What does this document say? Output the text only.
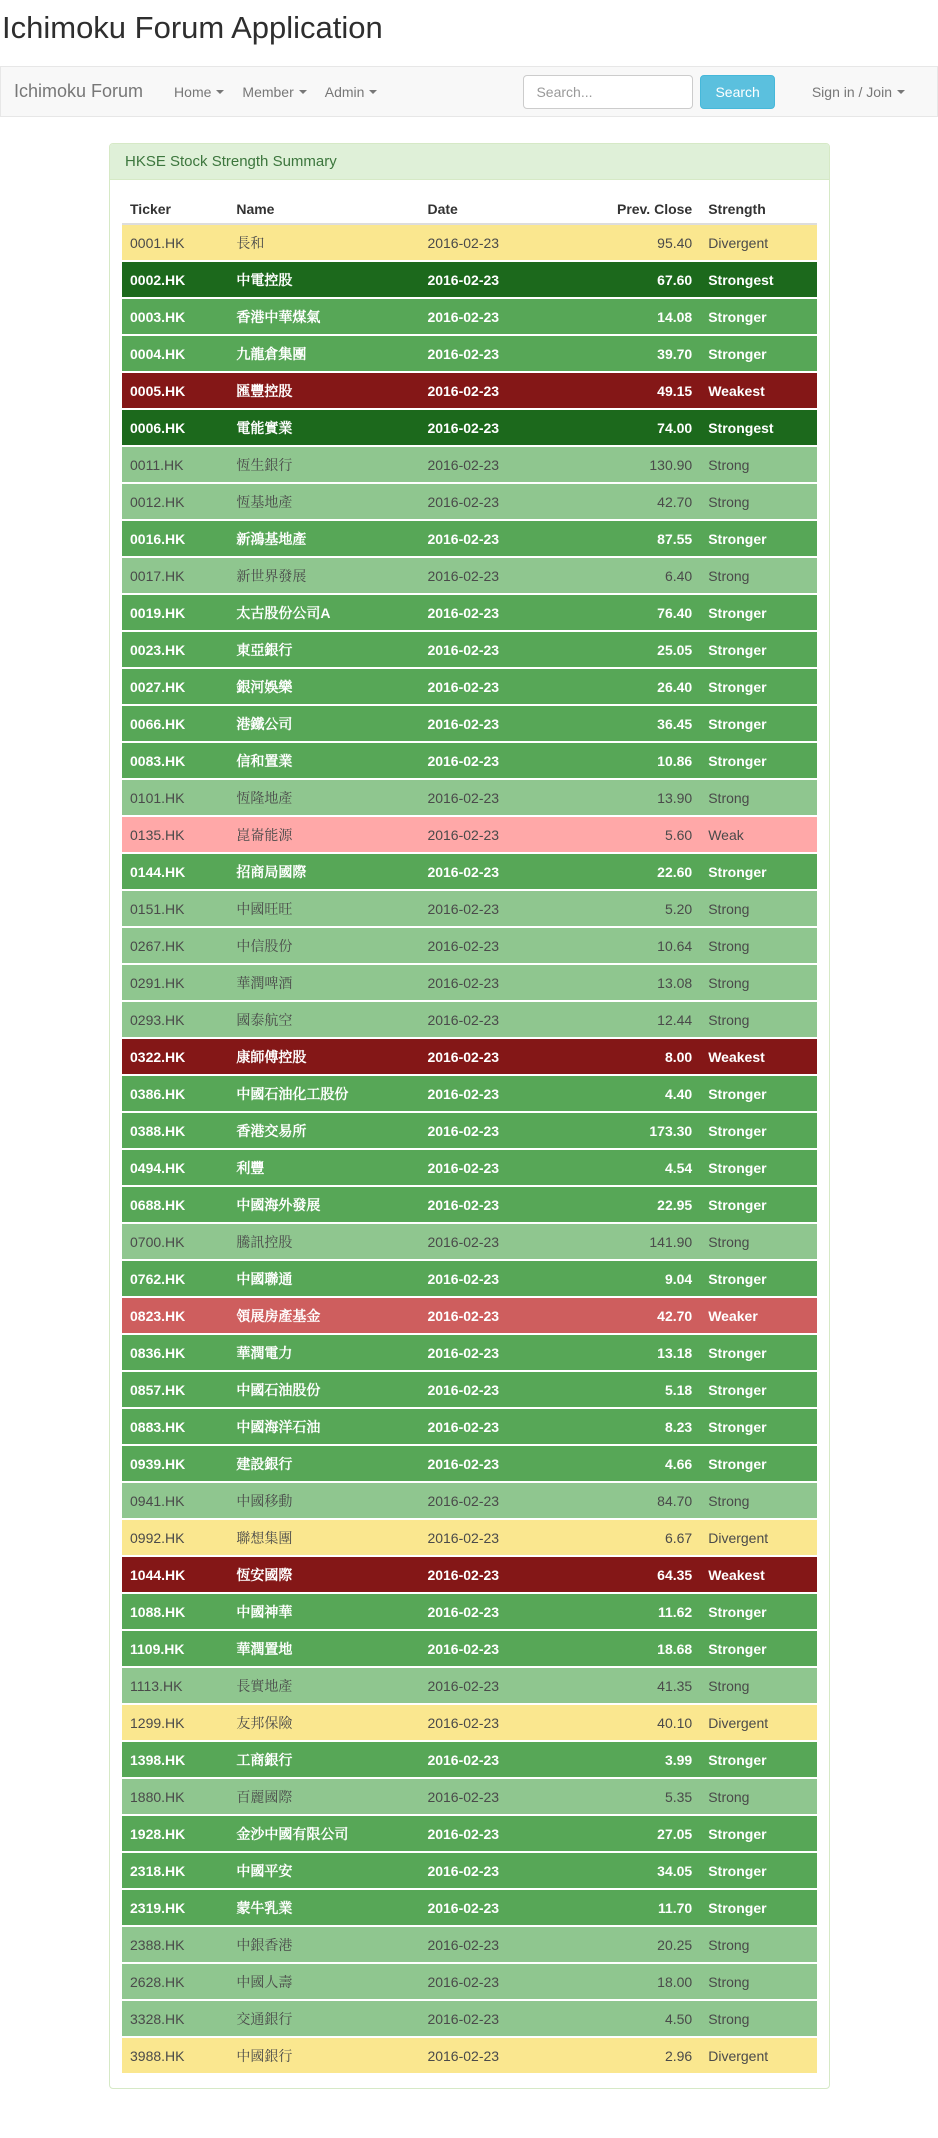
Ichimoku Forum Application
Ichimoku Forum Home Member Admin
Search...	Search	Sign in / Join
HKSE Stock Strength Summary
Ticker	Name	Date	Prev. Close	Strength
0001.HK	長和	2016-02-23	95.40	Divergent
0002.HK	中電控股	2016-02-23	67.60	Strongest
0003.HK	香港中華煤氣	2016-02-23	14.08	Stronger
0004.HK	九龍倉集團	2016-02-23	39.70	Stronger
0005.HK	匯豐控股	2016-02-23	49.15	Weakest
0006.HK	電能實業	2016-02-23	74.00	Strongest
0011.HK	恆生銀行	2016-02-23	130.90	Strong
0012.HK	恆基地產	2016-02-23	42.70	Strong
0016.HK	新鴻基地產	2016-02-23	87.55	Stronger
0017.HK	新世界發展	2016-02-23	6.40	Strong
0019.HK	太古股份公司A	2016-02-23	76.40	Stronger
0023.HK	東亞銀行	2016-02-23	25.05	Stronger
0027.HK	銀河娛樂	2016-02-23	26.40	Stronger
0066.HK	港鐵公司	2016-02-23	36.45	Stronger
0083.HK	信和置業	2016-02-23	10.86	Stronger
0101.HK	恆隆地產	2016-02-23	13.90	Strong
0135.HK	崑崙能源	2016-02-23	5.60	Weak
0144.HK	招商局國際	2016-02-23	22.60	Stronger
0151.HK	中國旺旺	2016-02-23	5.20	Strong
0267.HK	中信股份	2016-02-23	10.64	Strong
0291.HK	華潤啤酒	2016-02-23	13.08	Strong
0293.HK	國泰航空	2016-02-23	12.44	Strong
0322.HK	康師傅控股	2016-02-23	8.00	Weakest
0386.HK	中國石油化工股份	2016-02-23	4.40	Stronger
0388.HK	香港交易所	2016-02-23	173.30	Stronger
0494.HK	利豐	2016-02-23	4.54	Stronger
0688.HK	中國海外發展	2016-02-23	22.95	Stronger
0700.HK	騰訊控股	2016-02-23	141.90	Strong
0762.HK	中國聯通	2016-02-23	9.04	Stronger
0823.HK	領展房產基金	2016-02-23	42.70	Weaker
0836.HK	華潤電力	2016-02-23	13.18	Stronger
0857.HK	中國石油股份	2016-02-23	5.18	Stronger
0883.HK	中國海洋石油	2016-02-23	8.23	Stronger
0939.HK	建設銀行	2016-02-23	4.66	Stronger
0941.HK	中國移動	2016-02-23	84.70	Strong
0992.HK	聯想集團	2016-02-23	6.67	Divergent
1044.HK	恆安國際	2016-02-23	64.35	Weakest
1088.HK	中國神華	2016-02-23	11.62	Stronger
1109.HK	華潤置地	2016-02-23	18.68	Stronger
1113.HK	長實地產	2016-02-23	41.35	Strong
1299.HK	友邦保險	2016-02-23	40.10	Divergent
1398.HK	工商銀行	2016-02-23	3.99	Stronger
1880.HK	百麗國際	2016-02-23	5.35	Strong
1928.HK	金沙中國有限公司	2016-02-23	27.05	Stronger
2318.HK	中國平安	2016-02-23	34.05	Stronger
2319.HK	蒙牛乳業	2016-02-23	11.70	Stronger
2388.HK	中銀香港	2016-02-23	20.25	Strong
2628.HK	中國人壽	2016-02-23	18.00	Strong
3328.HK	交通銀行	2016-02-23	4.50	Strong
3988.HK	中國銀行	2016-02-23	2.96	Divergent
